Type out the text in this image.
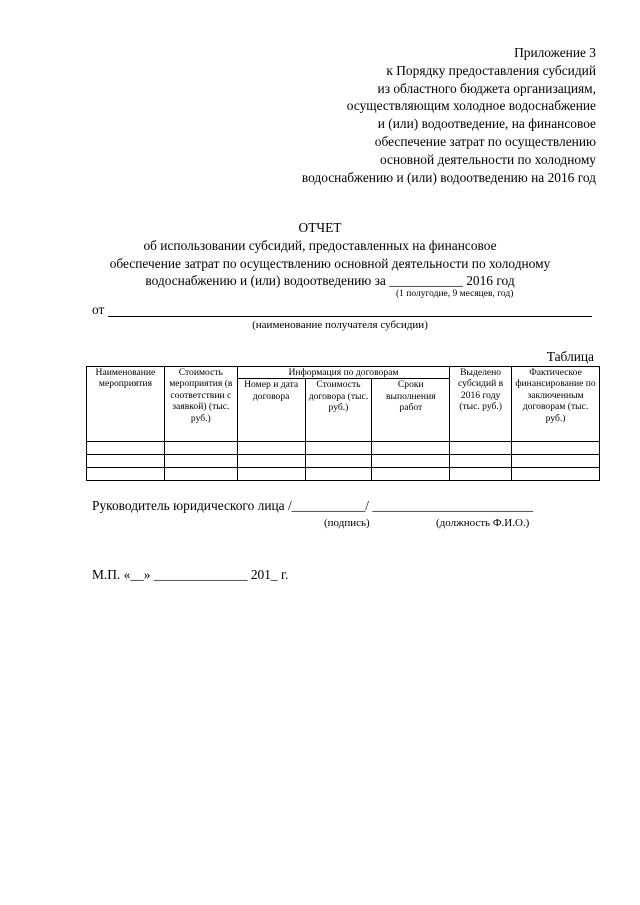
Приложение 3
к Порядку предоставления субсидий
из областного бюджета организациям,
осуществляющим холодное водоснабжение
и (или) водоотведение, на финансовое
обеспечение затрат по осуществлению
основной деятельности по холодному
водоснабжению и (или) водоотведению на 2016 год
ОТЧЕТ
об использовании субсидий, предоставленных на финансовое
обеспечение затрат по осуществлению основной деятельности по холодному
водоснабжению и (или) водоотведению за ___________ 2016 год
(1 полугодие, 9 месяцев, год)
от
(наименование получателя субсидии)
Таблица
Наименование мероприятия	Стоимость мероприятия (в соответствии с заявкой) (тыс. руб.)	Информация по договорам			Выделено субсидий в 2016 году (тыс. руб.)	Фактическое финансирование по заключенным договорам (тыс. руб.)
		Номер и дата договора	Стоимость договора (тыс. руб.)	Сроки выполнения работ		

Руководитель юридического лица /___________/ ________________________
(подпись)	(должность Ф.И.О.)
М.П. «__» ______________ 201_ г.
